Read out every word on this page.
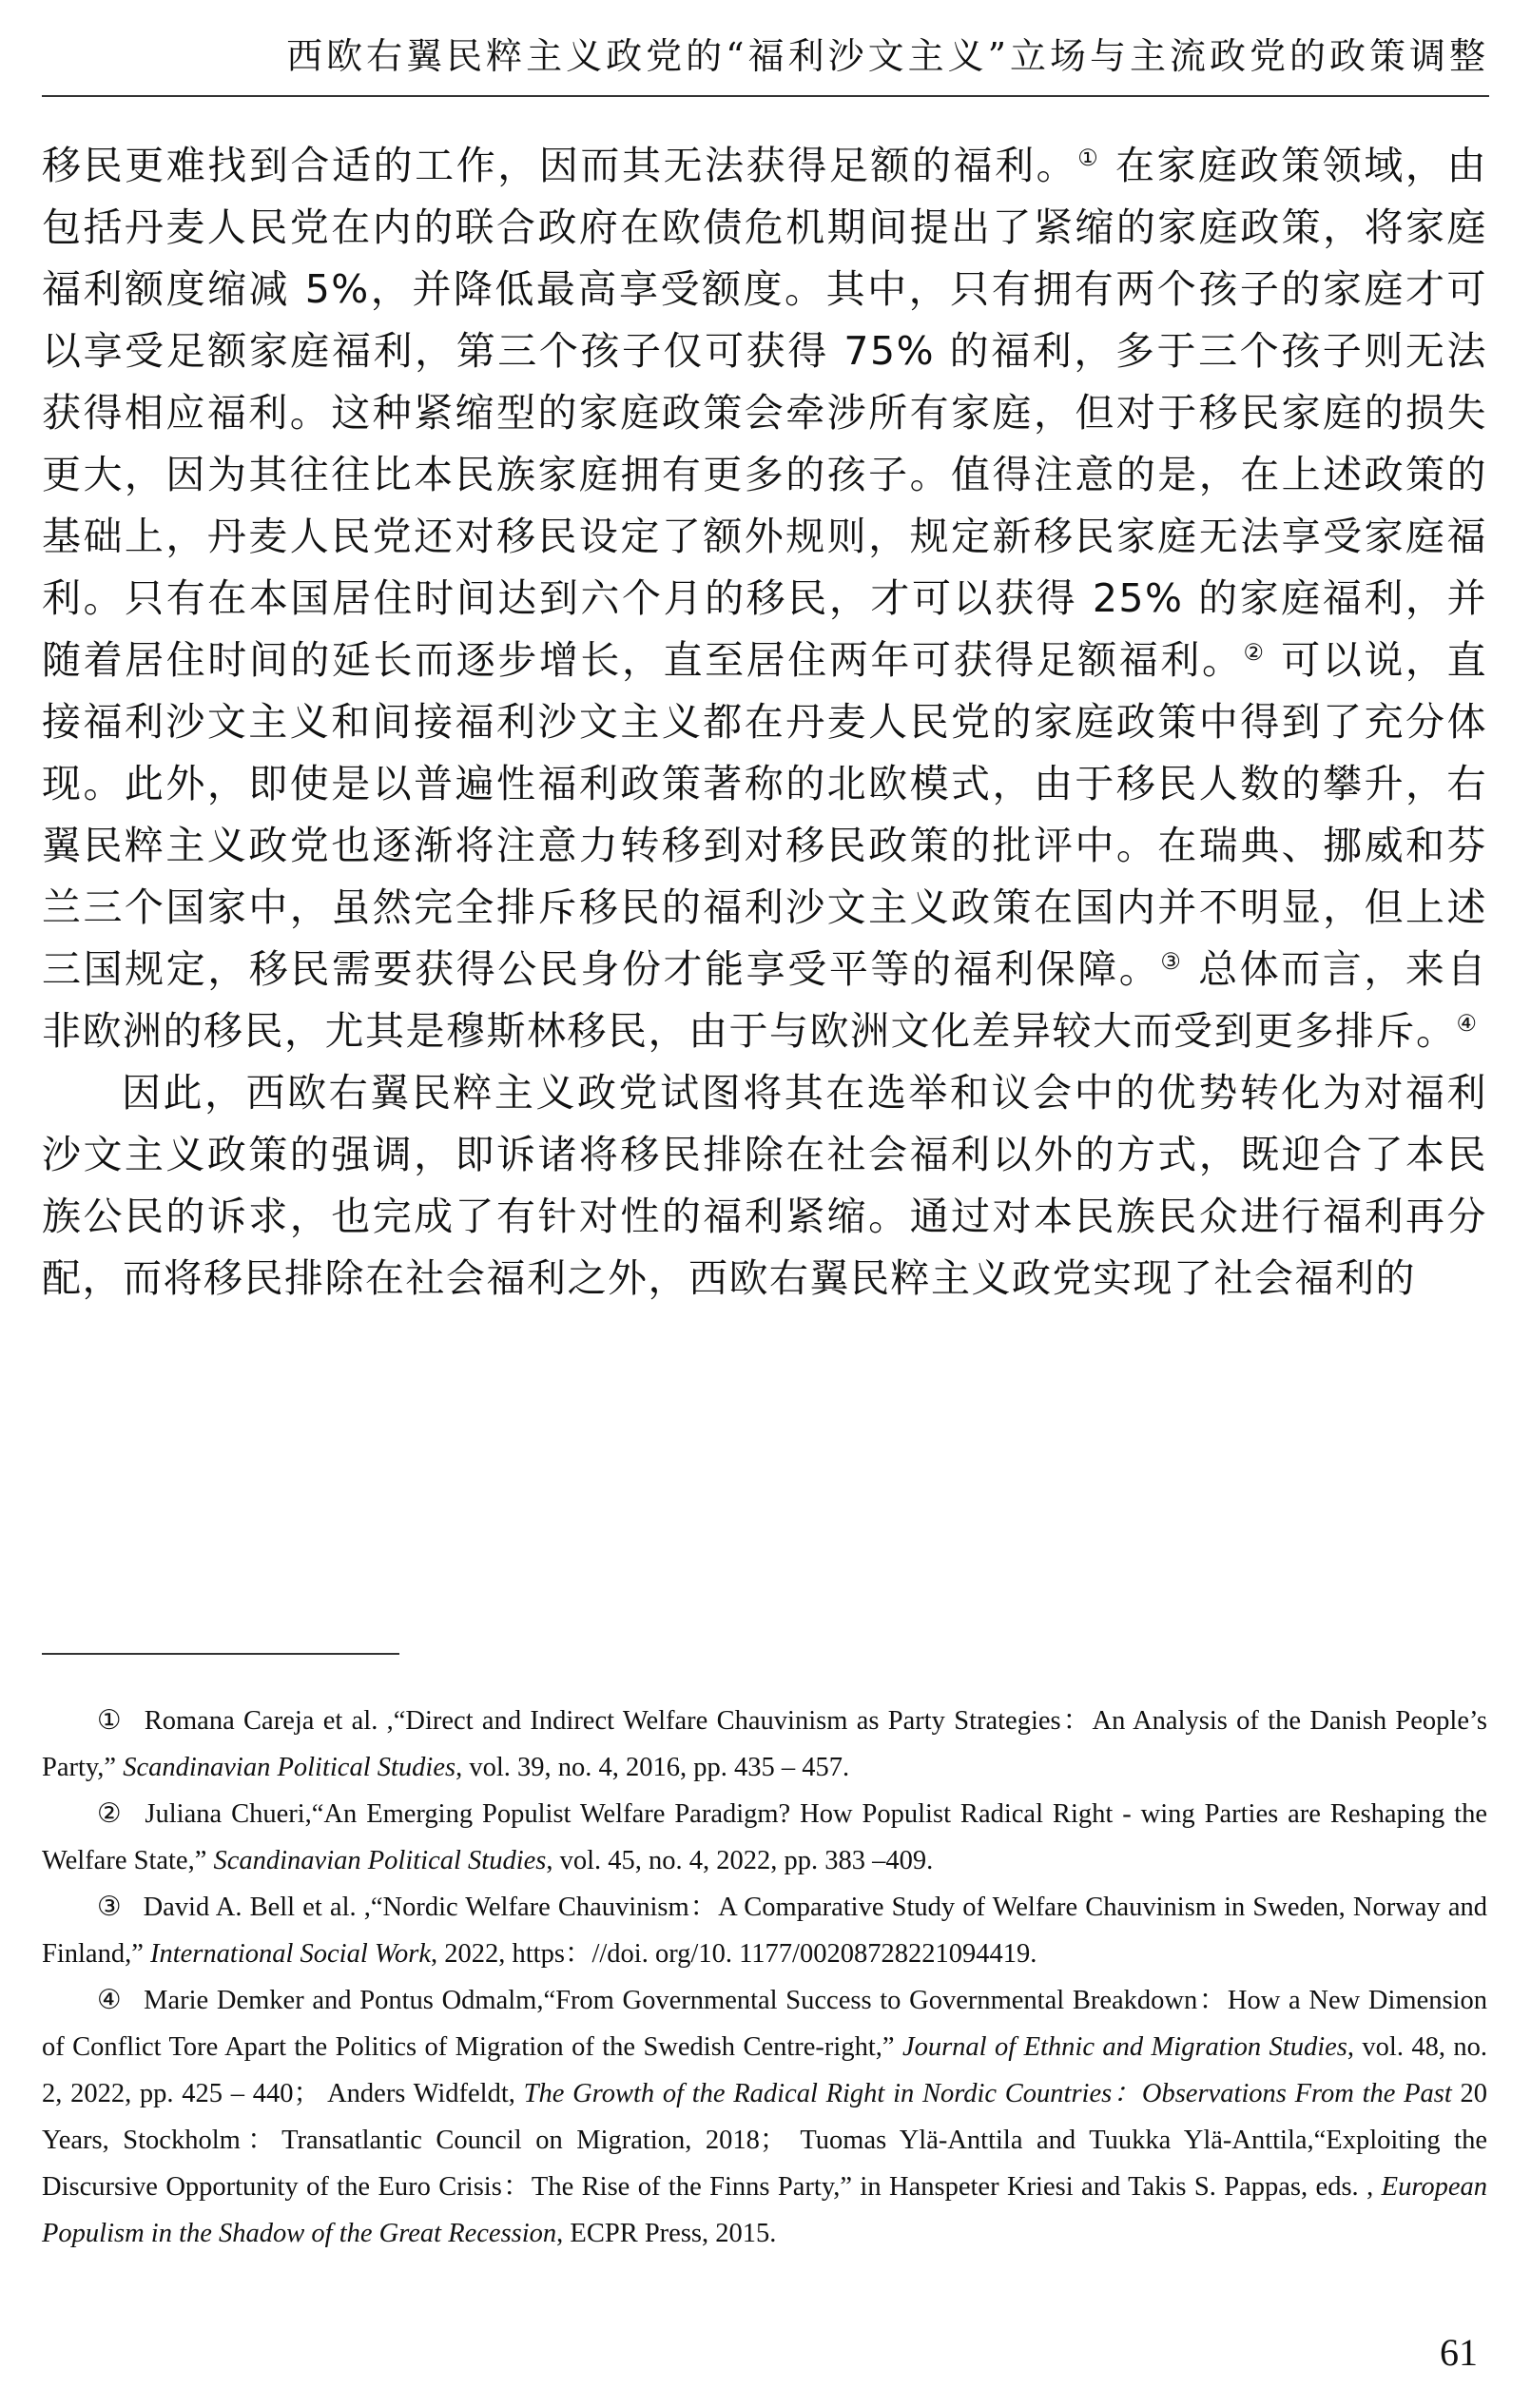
西欧右翼民粹主义政党的“福利沙文主义”立场与主流政党的政策调整

移民更难找到合适的工作，因而其无法获得足额的福利。① 在家庭政策领域，由包括丹麦人民党在内的联合政府在欧债危机期间提出了紧缩的家庭政策，将家庭福利额度缩减 5%，并降低最高享受额度。其中，只有拥有两个孩子的家庭才可以享受足额家庭福利，第三个孩子仅可获得 75% 的福利，多于三个孩子则无法获得相应福利。这种紧缩型的家庭政策会牵涉所有家庭，但对于移民家庭的损失更大，因为其往往比本民族家庭拥有更多的孩子。值得注意的是，在上述政策的基础上，丹麦人民党还对移民设定了额外规则，规定新移民家庭无法享受家庭福利。只有在本国居住时间达到六个月的移民，才可以获得 25% 的家庭福利，并随着居住时间的延长而逐步增长，直至居住两年可获得足额福利。② 可以说，直接福利沙文主义和间接福利沙文主义都在丹麦人民党的家庭政策中得到了充分体现。此外，即使是以普遍性福利政策著称的北欧模式，由于移民人数的攀升，右翼民粹主义政党也逐渐将注意力转移到对移民政策的批评中。在瑞典、挪威和芬兰三个国家中，虽然完全排斥移民的福利沙文主义政策在国内并不明显，但上述三国规定，移民需要获得公民身份才能享受平等的福利保障。③ 总体而言，来自非欧洲的移民，尤其是穆斯林移民，由于与欧洲文化差异较大而受到更多排斥。④

因此，西欧右翼民粹主义政党试图将其在选举和议会中的优势转化为对福利沙文主义政策的强调，即诉诸将移民排除在社会福利以外的方式，既迎合了本民族公民的诉求，也完成了有针对性的福利紧缩。通过对本民族民众进行福利再分配，而将移民排除在社会福利之外，西欧右翼民粹主义政党实现了社会福利的

① Romana Careja et al. ,“Direct and Indirect Welfare Chauvinism as Party Strategies：An Analysis of the Danish People’s Party,” Scandinavian Political Studies, vol. 39, no. 4, 2016, pp. 435 – 457.

② Juliana Chueri,“An Emerging Populist Welfare Paradigm? How Populist Radical Right - wing Parties are Reshaping the Welfare State,” Scandinavian Political Studies, vol. 45, no. 4, 2022, pp. 383 –409.

③ David A. Bell et al. ,“Nordic Welfare Chauvinism：A Comparative Study of Welfare Chauvinism in Sweden, Norway and Finland,” International Social Work, 2022, https：//doi. org/10. 1177/00208728221094419.

④ Marie Demker and Pontus Odmalm,“From Governmental Success to Governmental Breakdown：How a New Dimension of Conflict Tore Apart the Politics of Migration of the Swedish Centre-right,” Journal of Ethnic and Migration Studies, vol. 48, no. 2, 2022, pp. 425 – 440； Anders Widfeldt, The Growth of the Radical Right in Nordic Countries：Observations From the Past 20 Years, Stockholm：Transatlantic Council on Migration, 2018； Tuomas Ylä-Anttila and Tuukka Ylä-Anttila,“Exploiting the Discursive Opportunity of the Euro Crisis：The Rise of the Finns Party,” in Hanspeter Kriesi and Takis S. Pappas, eds. , European Populism in the Shadow of the Great Recession, ECPR Press, 2015.

61
